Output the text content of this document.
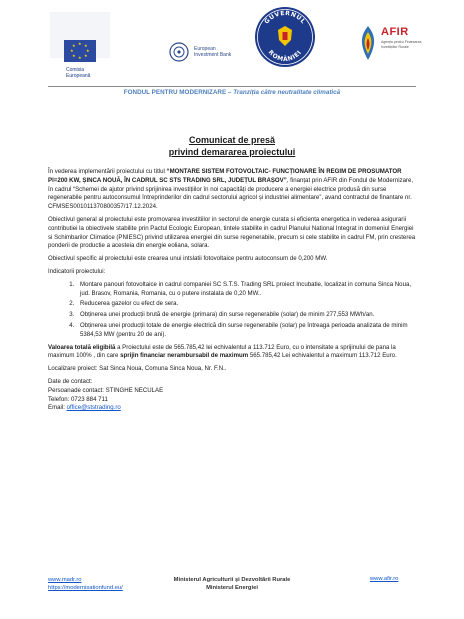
★ ★
★
★
★
★
★
★
Comisia
Europeană
European
Investment Bank
GUVERNUL
ROMÂNIEI
AFIR
Agenția pentru Finanțarea Investițiilor Rurale
FONDUL PENTRU MODERNIZARE – Tranziția către neutralitate climatică
Comunicat de presă
privind demararea proiectului

În vederea implementării proiectului cu titlul “MONTARE SISTEM FOTOVOLTAIC- FUNCȚIONARE ÎN REGIM DE PROSUMATOR Pl=200 KW, ȘINCA NOUĂ, ÎN CADRUL SC STS TRADING SRL, JUDEȚUL BRAȘOV”, finanțat prin AFIR din Fondul de Modernizare, în cadrul “Schemei de ajutor privind sprijinirea investițiilor în noi capacități de producere a energiei electrice produsă din surse regenerabile pentru autoconsumul întreprinderilor din cadrul sectorului agricol și industriei alimentare”, avand contractul de finantare nr. CFMSES001011370800357/17.12.2024.

Obiectivul general al proiectului este promovarea investitiilor in sectorul de energie curata si eficienta energetica in vederea asigurarii contributiei la obiectivele stabilite prin Pactul Ecologic European, tintele stabilite in cadrul Planului National Integrat in domeniul Energiei si Schimbarilor Climatice (PNIESC) privind utilizarea energiei din surse regenerabile, precum si cele stabilite in cadrul FM, prin cresterea ponderii de productie a acesteia din energie eoliana, solara.

Obiectivul specific al proiectului este crearea unui intslatii fotovoltaice pentru autoconsum de 0,200 MW.

Indicatorii proiectului:

1. Montare panouri fotovoltaice in cadrul companiei SC S.T.S. Trading SRL proiect Incubatie, localizat in comuna Sinca Noua, jud. Brasov, Romania, Romania, cu o putere instalata de 0,20 MW..
2. Reducerea gazelor cu efect de sera.
3. Obținerea unei producții brută de energie (primara) din surse regenerabile (solar) de minim 277,553 MWh/an.
4. Obținerea unei producții totale de energie electrică din surse regenerabile (solar) pe întreaga perioada analizata de minim 5384,53 MW (pentru 20 de ani).

Valoarea totală eligibilă a Proiectului este de 565.785,42 lei echivalentul a 113.712 Euro, cu o intensitate a sprijinului de pana la maximum 100% , din care sprijin financiar nerambursabil de maximum 565.785,42 Lei echivalentul a maximum 113.712 Euro.

Localizare proiect: Sat Sinca Noua, Comuna Sinca Noua, Nr. F.N..

Date de contact:
Persoanade contact: STINGHE NECULAE
Telefon: 0723 884 711
Email: office@ststrading.ro
www.madr.ro
https://modernisationfund.eu/
Ministerul Agriculturii și Dezvoltării Rurale
Ministerul Energiei
www.afir.ro
